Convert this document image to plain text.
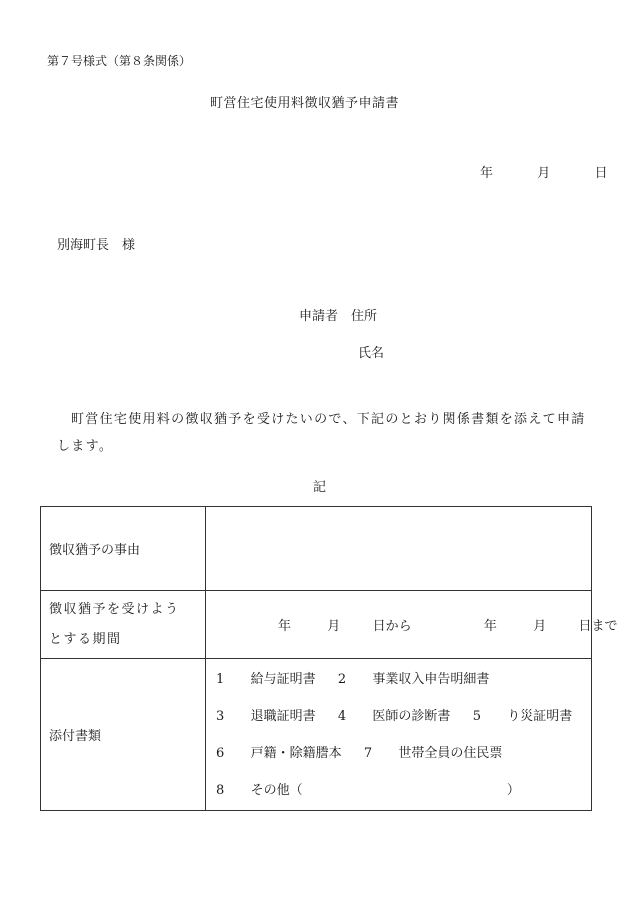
第７号様式（第８条関係）
町営住宅使用料徴収猶予申請書
年	月	日
別海町長　様
申請者　住所
氏名
町営住宅使用料の徴収猶予を受けたいので、下記のとおり関係書類を添えて申請します。
記
徴収猶予の事由	

徴収猶予を受けよう
とする期間	年 月 日から 年 月 日まで
添付書類	1 給与証明書 2 事業収入申告明細書
3 退職証明書 4 医師の診断書 5 り災証明書
6 戸籍・除籍謄本 7 世帯全員の住民票
8 その他（ ）
